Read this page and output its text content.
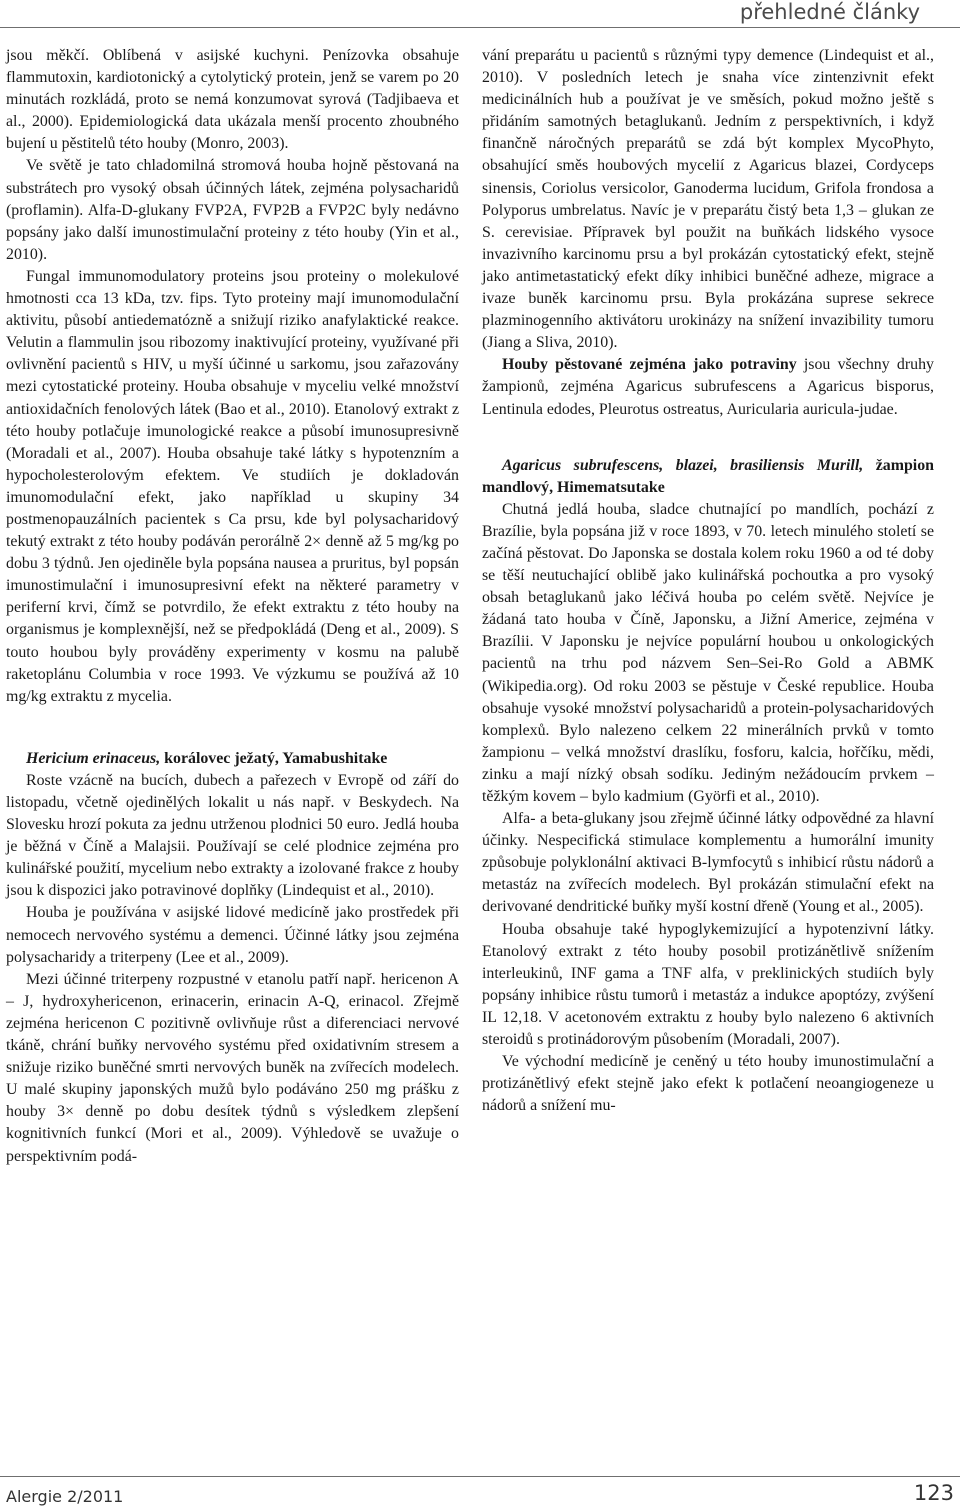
přehledné články

jsou měkčí. Oblíbená v asijské kuchyni. Penízovka obsahuje flammutoxin, kardiotonický a cytolytický protein, jenž se varem po 20 minutách rozkládá, proto se nemá konzumovat syrová (Tadjibaeva et al., 2000). Epidemiologická data ukázala menší procento zhoubného bujení u pěstitelů této houby (Monro, 2003).

Ve světě je tato chladomilná stromová houba hojně pěstovaná na substrátech pro vysoký obsah účinných látek, zejména polysacharidů (proflamin). Alfa-D-glukany FVP2A, FVP2B a FVP2C byly nedávno popsány jako další imunostimulační proteiny z této houby (Yin et al., 2010).

Fungal immunomodulatory proteins jsou proteiny o molekulové hmotnosti cca 13 kDa, tzv. fips. Tyto proteiny mají imunomodulační aktivitu, působí antiedematózně a snižují riziko anafylaktické reakce. Velutin a flammulin jsou ribozomy inaktivující proteiny, využívané při ovlivnění pacientů s HIV, u myší účinné u sarkomu, jsou zařazovány mezi cytostatické proteiny. Houba obsahuje v myceliu velké množství antioxidačních fenolových látek (Bao et al., 2010). Etanolový extrakt z této houby potlačuje imunologické reakce a působí imunosupresivně (Moradali et al., 2007). Houba obsahuje také látky s hypotenzním a hypocholesterolovým efektem. Ve studiích je dokladován imunomodulační efekt, jako například u skupiny 34 postmenopauzálních pacientek s Ca prsu, kde byl polysacharidový tekutý extrakt z této houby podáván perorálně 2× denně až 5 mg/kg po dobu 3 týdnů. Jen ojediněle byla popsána nausea a pruritus, byl popsán imunostimulační i imunosupresivní efekt na některé parametry v periferní krvi, čímž se potvrdilo, že efekt extraktu z této houby na organismus je komplexnější, než se předpokládá (Deng et al., 2009). S touto houbou byly prováděny experimenty v kosmu na palubě raketoplánu Columbia v roce 1993. Ve výzkumu se používá až 10 mg/kg extraktu z mycelia.

Hericium erinaceus, korálovec ježatý, Yamabushitake

Roste vzácně na bucích, dubech a pařezech v Evropě od září do listopadu, včetně ojedinělých lokalit u nás např. v Beskydech. Na Slovesku hrozí pokuta za jednu utrženou plodnici 50 euro. Jedlá houba je běžná v Číně a Malajsii. Používají se celé plodnice zejména pro kulinářské použití, mycelium nebo extrakty a izolované frakce z houby jsou k dispozici jako potravinové doplňky (Lindequist et al., 2010).

Houba je používána v asijské lidové medicíně jako prostředek při nemocech nervového systému a demenci. Účinné látky jsou zejména polysacharidy a triterpeny (Lee et al., 2009).

Mezi účinné triterpeny rozpustné v etanolu patří např. hericenon A – J, hydroxyhericenon, erinacerin, erinacin A-Q, erinacol. Zřejmě zejména hericenon C pozitivně ovlivňuje růst a diferenciaci nervové tkáně, chrání buňky nervového systému před oxidativním stresem a snižuje riziko buněčné smrti nervových buněk na zvířecích modelech. U malé skupiny japonských mužů bylo podáváno 250 mg prášku z houby 3× denně po dobu desítek týdnů s výsledkem zlepšení kognitivních funkcí (Mori et al., 2009). Výhledově se uvažuje o perspektivním podá-

vání preparátu u pacientů s různými typy demence (Lindequist et al., 2010). V posledních letech je snaha více zintenzivnit efekt medicinálních hub a používat je ve směsích, pokud možno ještě s přidáním samotných betaglukanů. Jedním z perspektivních, i když finančně náročných preparátů se zdá být komplex MycoPhyto, obsahující směs houbových mycelií z Agaricus blazei, Cordyceps sinensis, Coriolus versicolor, Ganoderma lucidum, Grifola frondosa a Polyporus umbrelatus. Navíc je v preparátu čistý beta 1,3 – glukan ze S. cerevisiae. Přípravek byl použit na buňkách lidského vysoce invazivního karcinomu prsu a byl prokázán cytostatický efekt, stejně jako antimetastatický efekt díky inhibici buněčné adheze, migrace a ivaze buněk karcinomu prsu. Byla prokázána suprese sekrece plazminogenního aktivátoru urokinázy na snížení invazibility tumoru (Jiang a Sliva, 2010).

Houby pěstované zejména jako potraviny jsou všechny druhy žampionů, zejména Agaricus subrufescens a Agaricus bisporus, Lentinula edodes, Pleurotus ostreatus, Auricularia auricula-judae.

Agaricus subrufescens, blazei, brasiliensis Murill, žampion mandlový, Himematsutake

Chutná jedlá houba, sladce chutnající po mandlích, pochází z Brazílie, byla popsána již v roce 1893, v 70. letech minulého století se začíná pěstovat. Do Japonska se dostala kolem roku 1960 a od té doby se těší neutuchající oblibě jako kulinářská pochoutka a pro vysoký obsah betaglukanů jako léčivá houba po celém světě. Nejvíce je žádaná tato houba v Číně, Japonsku, a Jižní Americe, zejména v Brazílii. V Japonsku je nejvíce populární houbou u onkologických pacientů na trhu pod názvem Sen–Sei-Ro Gold a ABMK (Wikipedia.org). Od roku 2003 se pěstuje v České republice. Houba obsahuje vysoké množství polysacharidů a protein-polysacharidových komplexů. Bylo nalezeno celkem 22 minerálních prvků v tomto žampionu – velká množství draslíku, fosforu, kalcia, hořčíku, mědi, zinku a mají nízký obsah sodíku. Jediným nežádoucím prvkem – těžkým kovem – bylo kadmium (Györfi et al., 2010).

Alfa- a beta-glukany jsou zřejmě účinné látky odpovědné za hlavní účinky. Nespecifická stimulace komplementu a humorální imunity způsobuje polyklonální aktivaci B-lymfocytů s inhibicí růstu nádorů a metastáz na zvířecích modelech. Byl prokázán stimulační efekt na derivované dendritické buňky myší kostní dřeně (Young et al., 2005).

Houba obsahuje také hypoglykemizující a hypotenzivní látky. Etanolový extrakt z této houby posobil protizánětlivě snížením interleukinů, INF gama a TNF alfa, v preklinických studiích byly popsány inhibice růstu tumorů i metastáz a indukce apoptózy, zvýšení IL 12,18. V acetonovém extraktu z houby bylo nalezeno 6 aktivních steroidů s protinádorovým působením (Moradali, 2007).

Ve východní medicíně je ceněný u této houby imunostimulační a protizánětlivý efekt stejně jako efekt k potlačení neoangiogeneze u nádorů a snížení mu-

Alergie 2/2011	123
